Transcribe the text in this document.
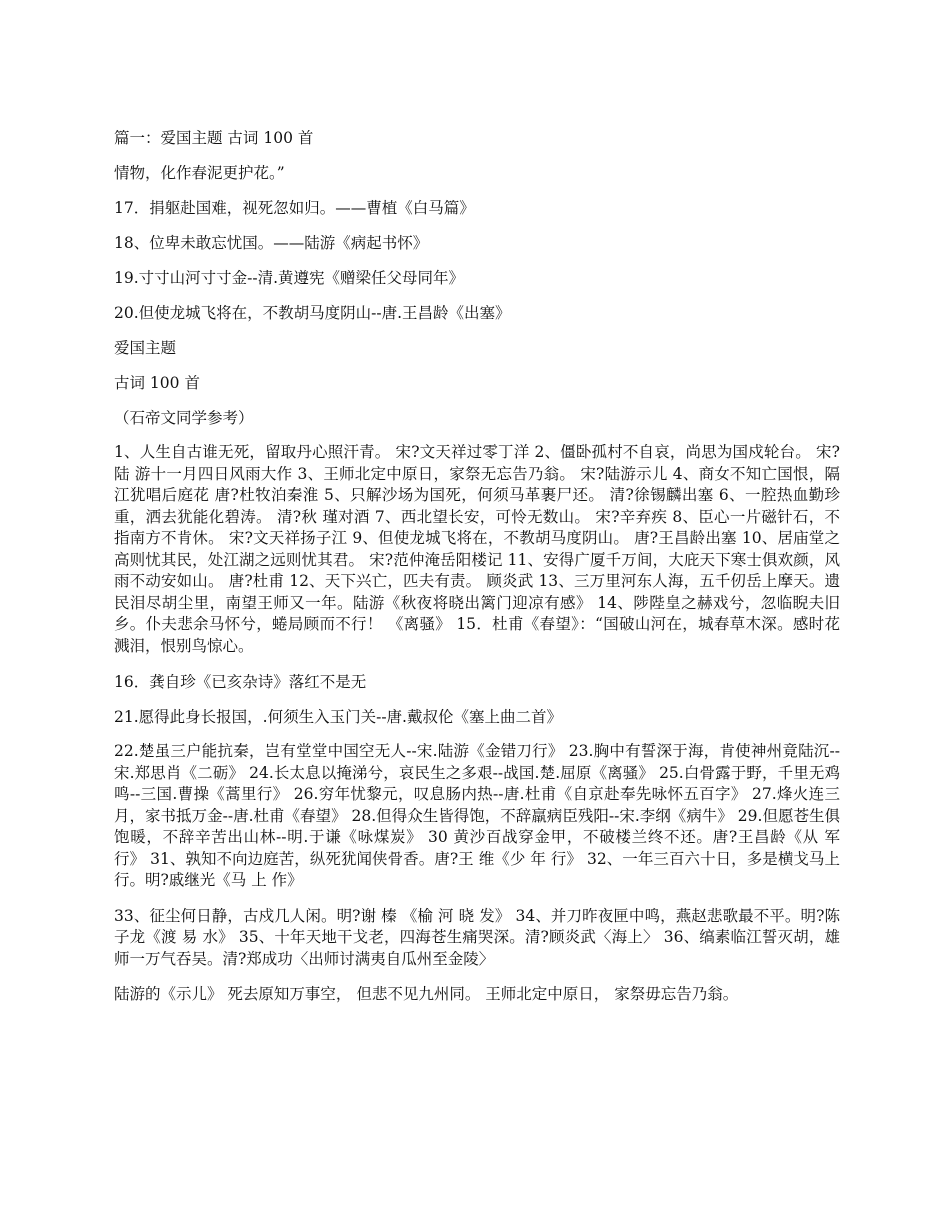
篇一：爱国主题 古词 100 首

情物，化作春泥更护花。”

17．捐躯赴国难，视死忽如归。——曹植《白马篇》

18、位卑未敢忘忧国。——陆游《病起书怀》

19.寸寸山河寸寸金--清.黄遵宪《赠梁任父母同年》

20.但使龙城飞将在，不教胡马度阴山--唐.王昌龄《出塞》

爱国主题

古词 100 首

（石帝文同学参考）

1、人生自古谁无死，留取丹心照汗青。 宋?文天祥过零丁洋 2、僵卧孤村不自哀，尚思为国戍轮台。 宋?陆 游十一月四日风雨大作 3、王师北定中原日，家祭无忘告乃翁。 宋?陆游示儿 4、商女不知亡国恨，隔江犹唱后庭花 唐?杜牧泊秦淮 5、只解沙场为国死，何须马革裹尸还。 清?徐锡麟出塞 6、一腔热血勤珍重，洒去犹能化碧涛。 清?秋 瑾对酒 7、西北望长安，可怜无数山。 宋?辛弃疾 8、臣心一片磁针石，不指南方不肯休。 宋?文天祥扬子江 9、但使龙城飞将在，不教胡马度阴山。 唐?王昌龄出塞 10、居庙堂之高则忧其民，处江湖之远则忧其君。 宋?范仲淹岳阳楼记 11、安得广厦千万间，大庇天下寒士俱欢颜，风雨不动安如山。 唐?杜甫 12、天下兴亡，匹夫有责。 顾炎武 13、三万里河东人海，五千仞岳上摩天。遗民泪尽胡尘里，南望王师又一年。陆游《秋夜将晓出篱门迎凉有感》 14、陟陛皇之赫戏兮，忽临睨夫旧乡。仆夫悲余马怀兮，蜷局顾而不行！ 《离骚》 15．杜甫《春望》：“国破山河在，城春草木深。感时花溅泪，恨别鸟惊心。

16．龚自珍《已亥杂诗》落红不是无

21.愿得此身长报国，.何须生入玉门关--唐.戴叔伦《塞上曲二首》

22.楚虽三户能抗秦，岂有堂堂中国空无人--宋.陆游《金错刀行》 23.胸中有誓深于海，肯使神州竟陆沉--宋.郑思肖《二砺》 24.长太息以掩涕兮，哀民生之多艰--战国.楚.屈原《离骚》 25.白骨露于野，千里无鸡鸣--三国.曹操《蒿里行》 26.穷年忧黎元，叹息肠内热--唐.杜甫《自京赴奉先咏怀五百字》 27.烽火连三月，家书抵万金--唐.杜甫《春望》 28.但得众生皆得饱，不辞羸病臣残阳--宋.李纲《病牛》 29.但愿苍生俱饱暖，不辞辛苦出山林--明.于谦《咏煤炭》 30 黄沙百战穿金甲，不破楼兰终不还。唐?王昌龄《从 军 行》 31、孰知不向边庭苦，纵死犹闻侠骨香。唐?王 维《少 年 行》 32、一年三百六十日，多是横戈马上行。明?戚继光《马 上 作》

33、征尘何日静，古戍几人闲。明?谢 榛 《榆 河 晓 发》 34、并刀昨夜匣中鸣，燕赵悲歌最不平。明?陈子龙《渡 易 水》 35、十年天地干戈老，四海苍生痛哭深。清?顾炎武〈海上〉 36、缟素临江誓灭胡，雄师一万气吞吴。清?郑成功〈出师讨满夷自瓜州至金陵〉

陆游的《示儿》 死去原知万事空， 但悲不见九州同。 王师北定中原日， 家祭毋忘告乃翁。
